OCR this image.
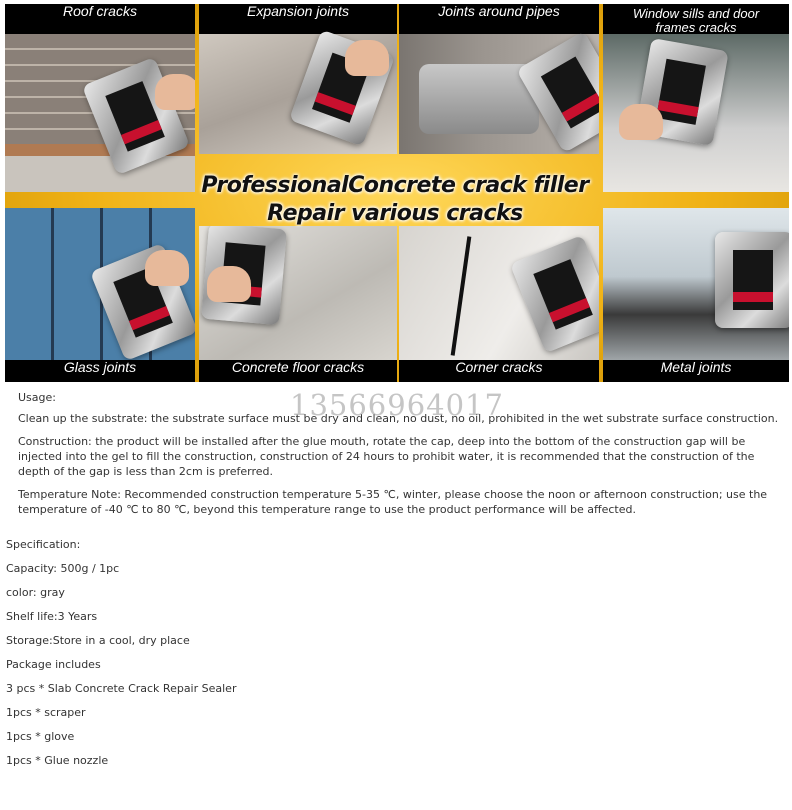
Roof cracks	Expansion joints	Joints around pipes	Window sills and door frames cracks
Glass joints	Concrete floor cracks	Corner cracks	Metal joints
ProfessionalConcrete crack filler
Repair various cracks

Usage:

Clean up the substrate: the substrate surface must be dry and clean, no dust, no oil, prohibited in the wet substrate surface construction.

Construction: the product will be installed after the glue mouth, rotate the cap, deep into the bottom of the construction gap will be injected into the gel to fill the construction, construction of 24 hours to prohibit water, it is recommended that the construction of the depth of the gap is less than 2cm is preferred.

Temperature Note: Recommended construction temperature 5-35 ℃, winter, please choose the noon or afternoon construction; use the temperature of -40 ℃ to 80 ℃, beyond this temperature range to use the product performance will be affected.

Specification:

Capacity: 500g / 1pc

color: gray

Shelf life:3 Years

Storage:Store in a cool, dry place

Package includes

3 pcs * Slab Concrete Crack Repair Sealer

1pcs * scraper

1pcs * glove

1pcs * Glue nozzle

13566964017
